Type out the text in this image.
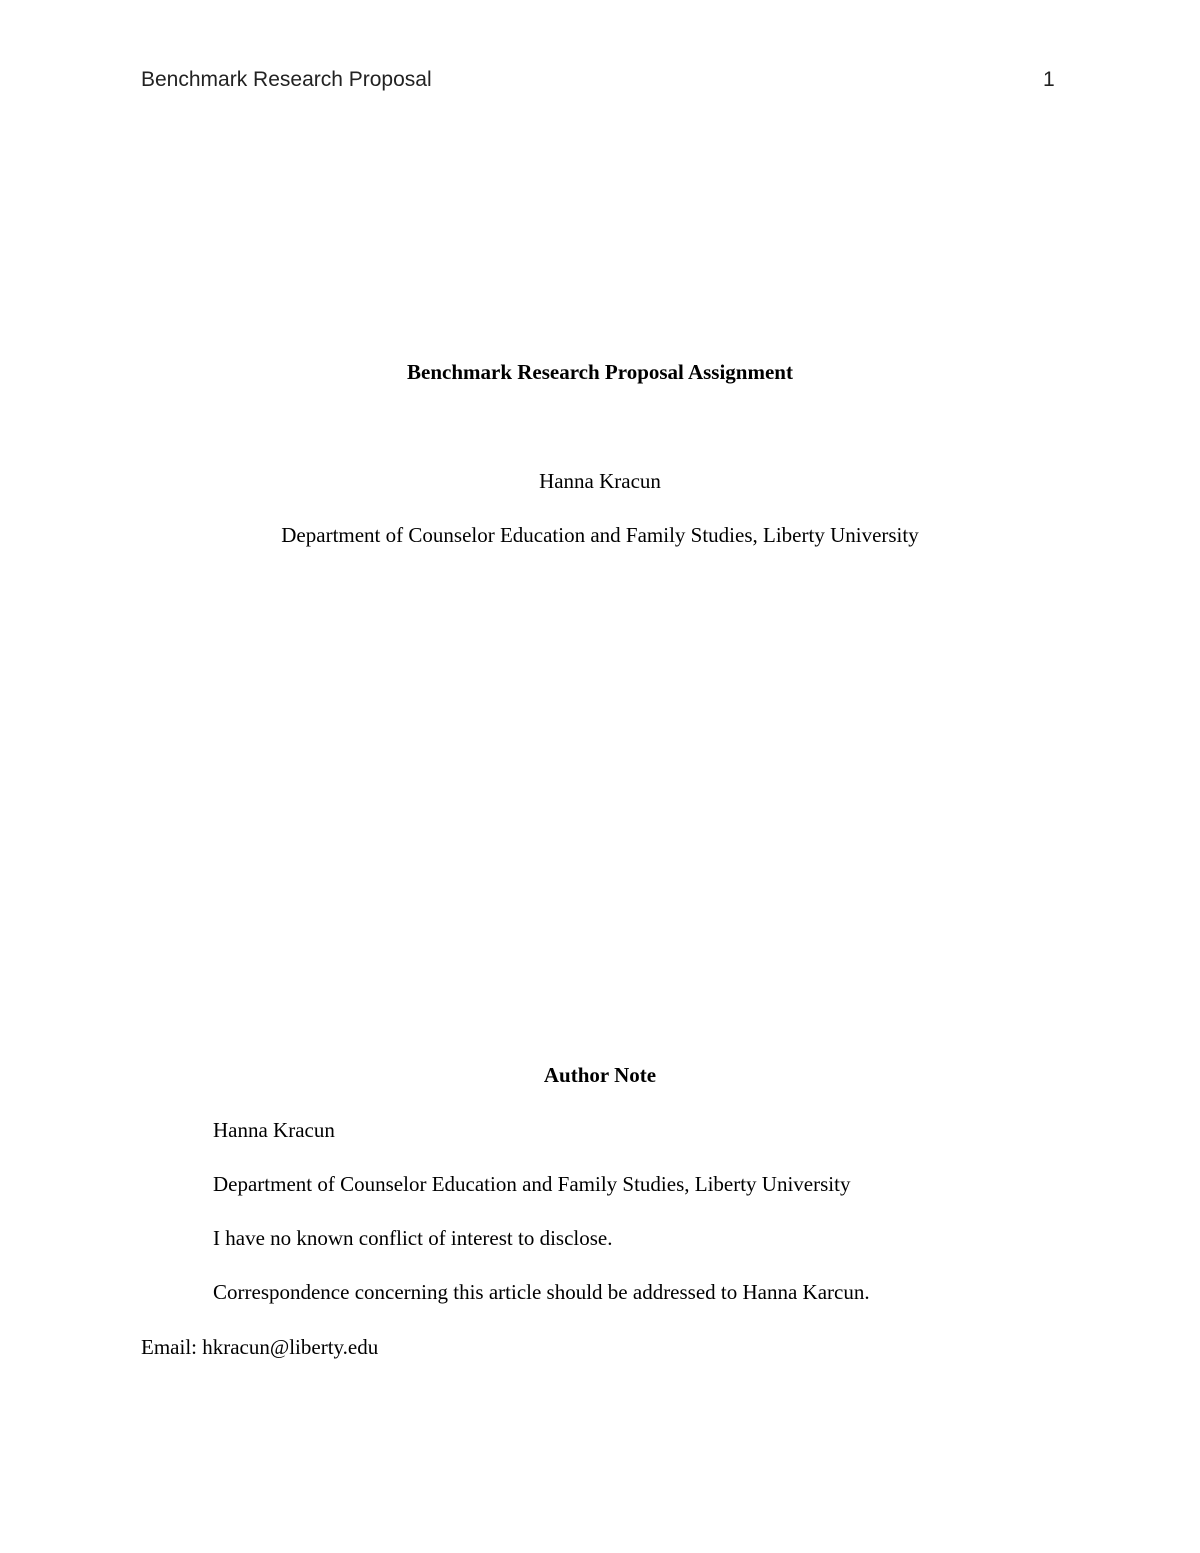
Benchmark Research Proposal	1
Benchmark Research Proposal Assignment
Hanna Kracun
Department of Counselor Education and Family Studies, Liberty University
Author Note
Hanna Kracun
Department of Counselor Education and Family Studies, Liberty University
I have no known conflict of interest to disclose.
Correspondence concerning this article should be addressed to Hanna Karcun.
Email: hkracun@liberty.edu
